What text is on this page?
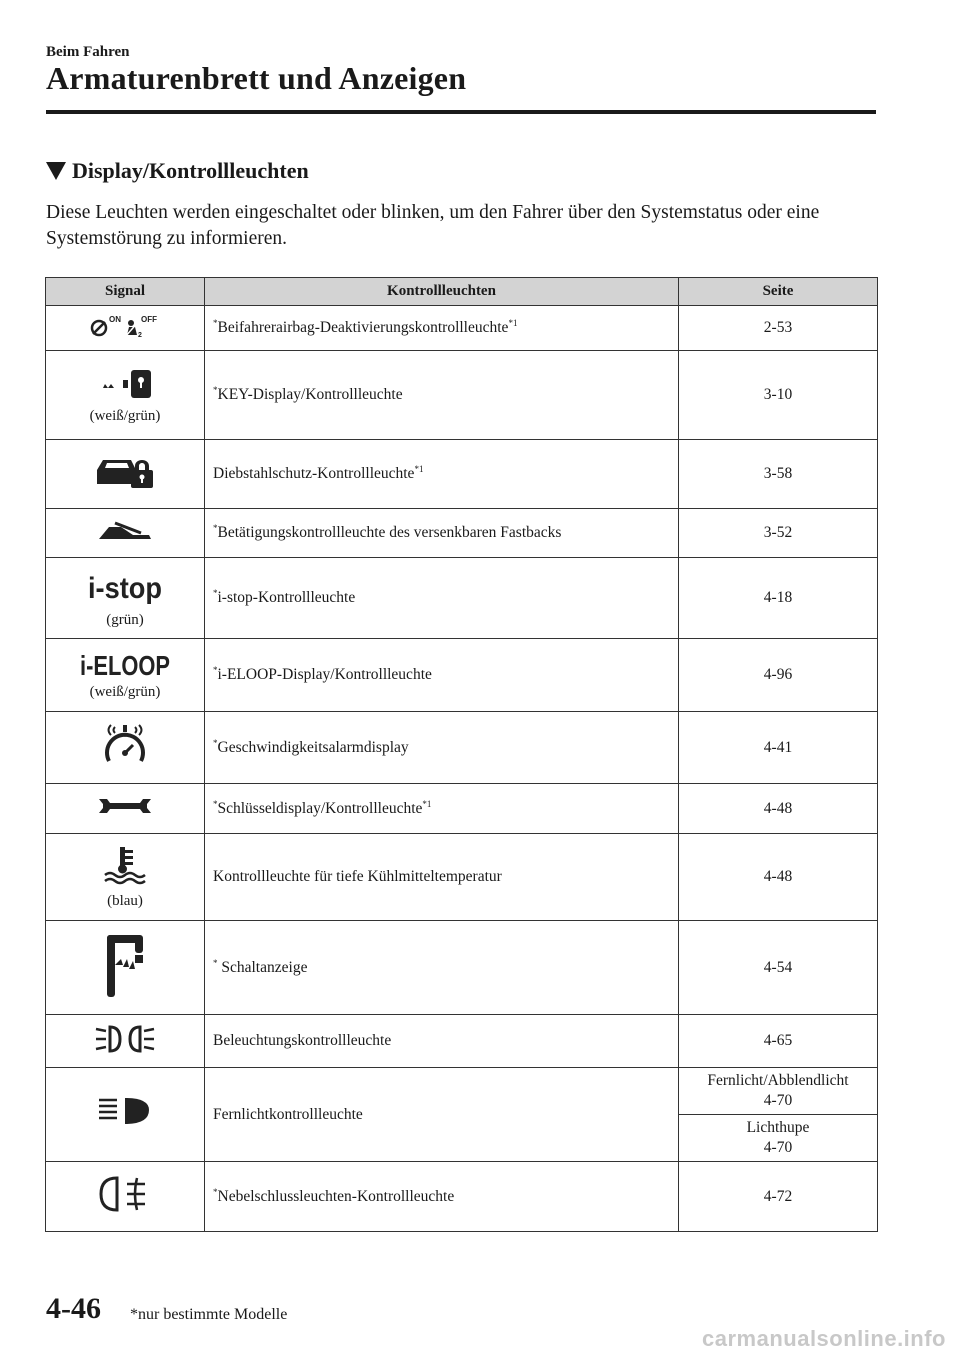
Beim Fahren
Armaturenbrett und Anzeigen
Display/Kontrollleuchten
Diese Leuchten werden eingeschaltet oder blinken, um den Fahrer über den Systemstatus oder eine Systemstörung zu informieren.
Signal	Kontrollleuchten	Seite

ON OFF
2	*Beifahrerairbag-Deaktivierungskontrollleuchte$^{*1}$	2-53

(weiß/grün)	*KEY-Display/Kontrollleuchte	3-10
	Diebstahlschutz-Kontrollleuchte$^{*1}$	3-58
	*Betätigungskontrollleuchte des versenkbaren Fastbacks	3-52

i-stop
(grün)	*i-stop-Kontrollleuchte	4-18

i-ELOOP
(weiß/grün)	*i-ELOOP-Display/Kontrollleuchte	4-96
	*Geschwindigkeitsalarmdisplay	4-41
	*Schlüsseldisplay/Kontrollleuchte$^{*1}$	4-48

(blau)	Kontrollleuchte für tiefe Kühlmitteltemperatur	4-48
	* Schaltanzeige	4-54
	Beleuchtungskontrollleuchte	4-65
	Fernlichtkontrollleuchte	Fernlicht/Abblendlicht
4-70

		Lichthupe
4-70

	*Nebelschlussleuchten-Kontrollleuchte	4-72
4-46 *nur bestimmte Modelle
carmanualsonline.info
